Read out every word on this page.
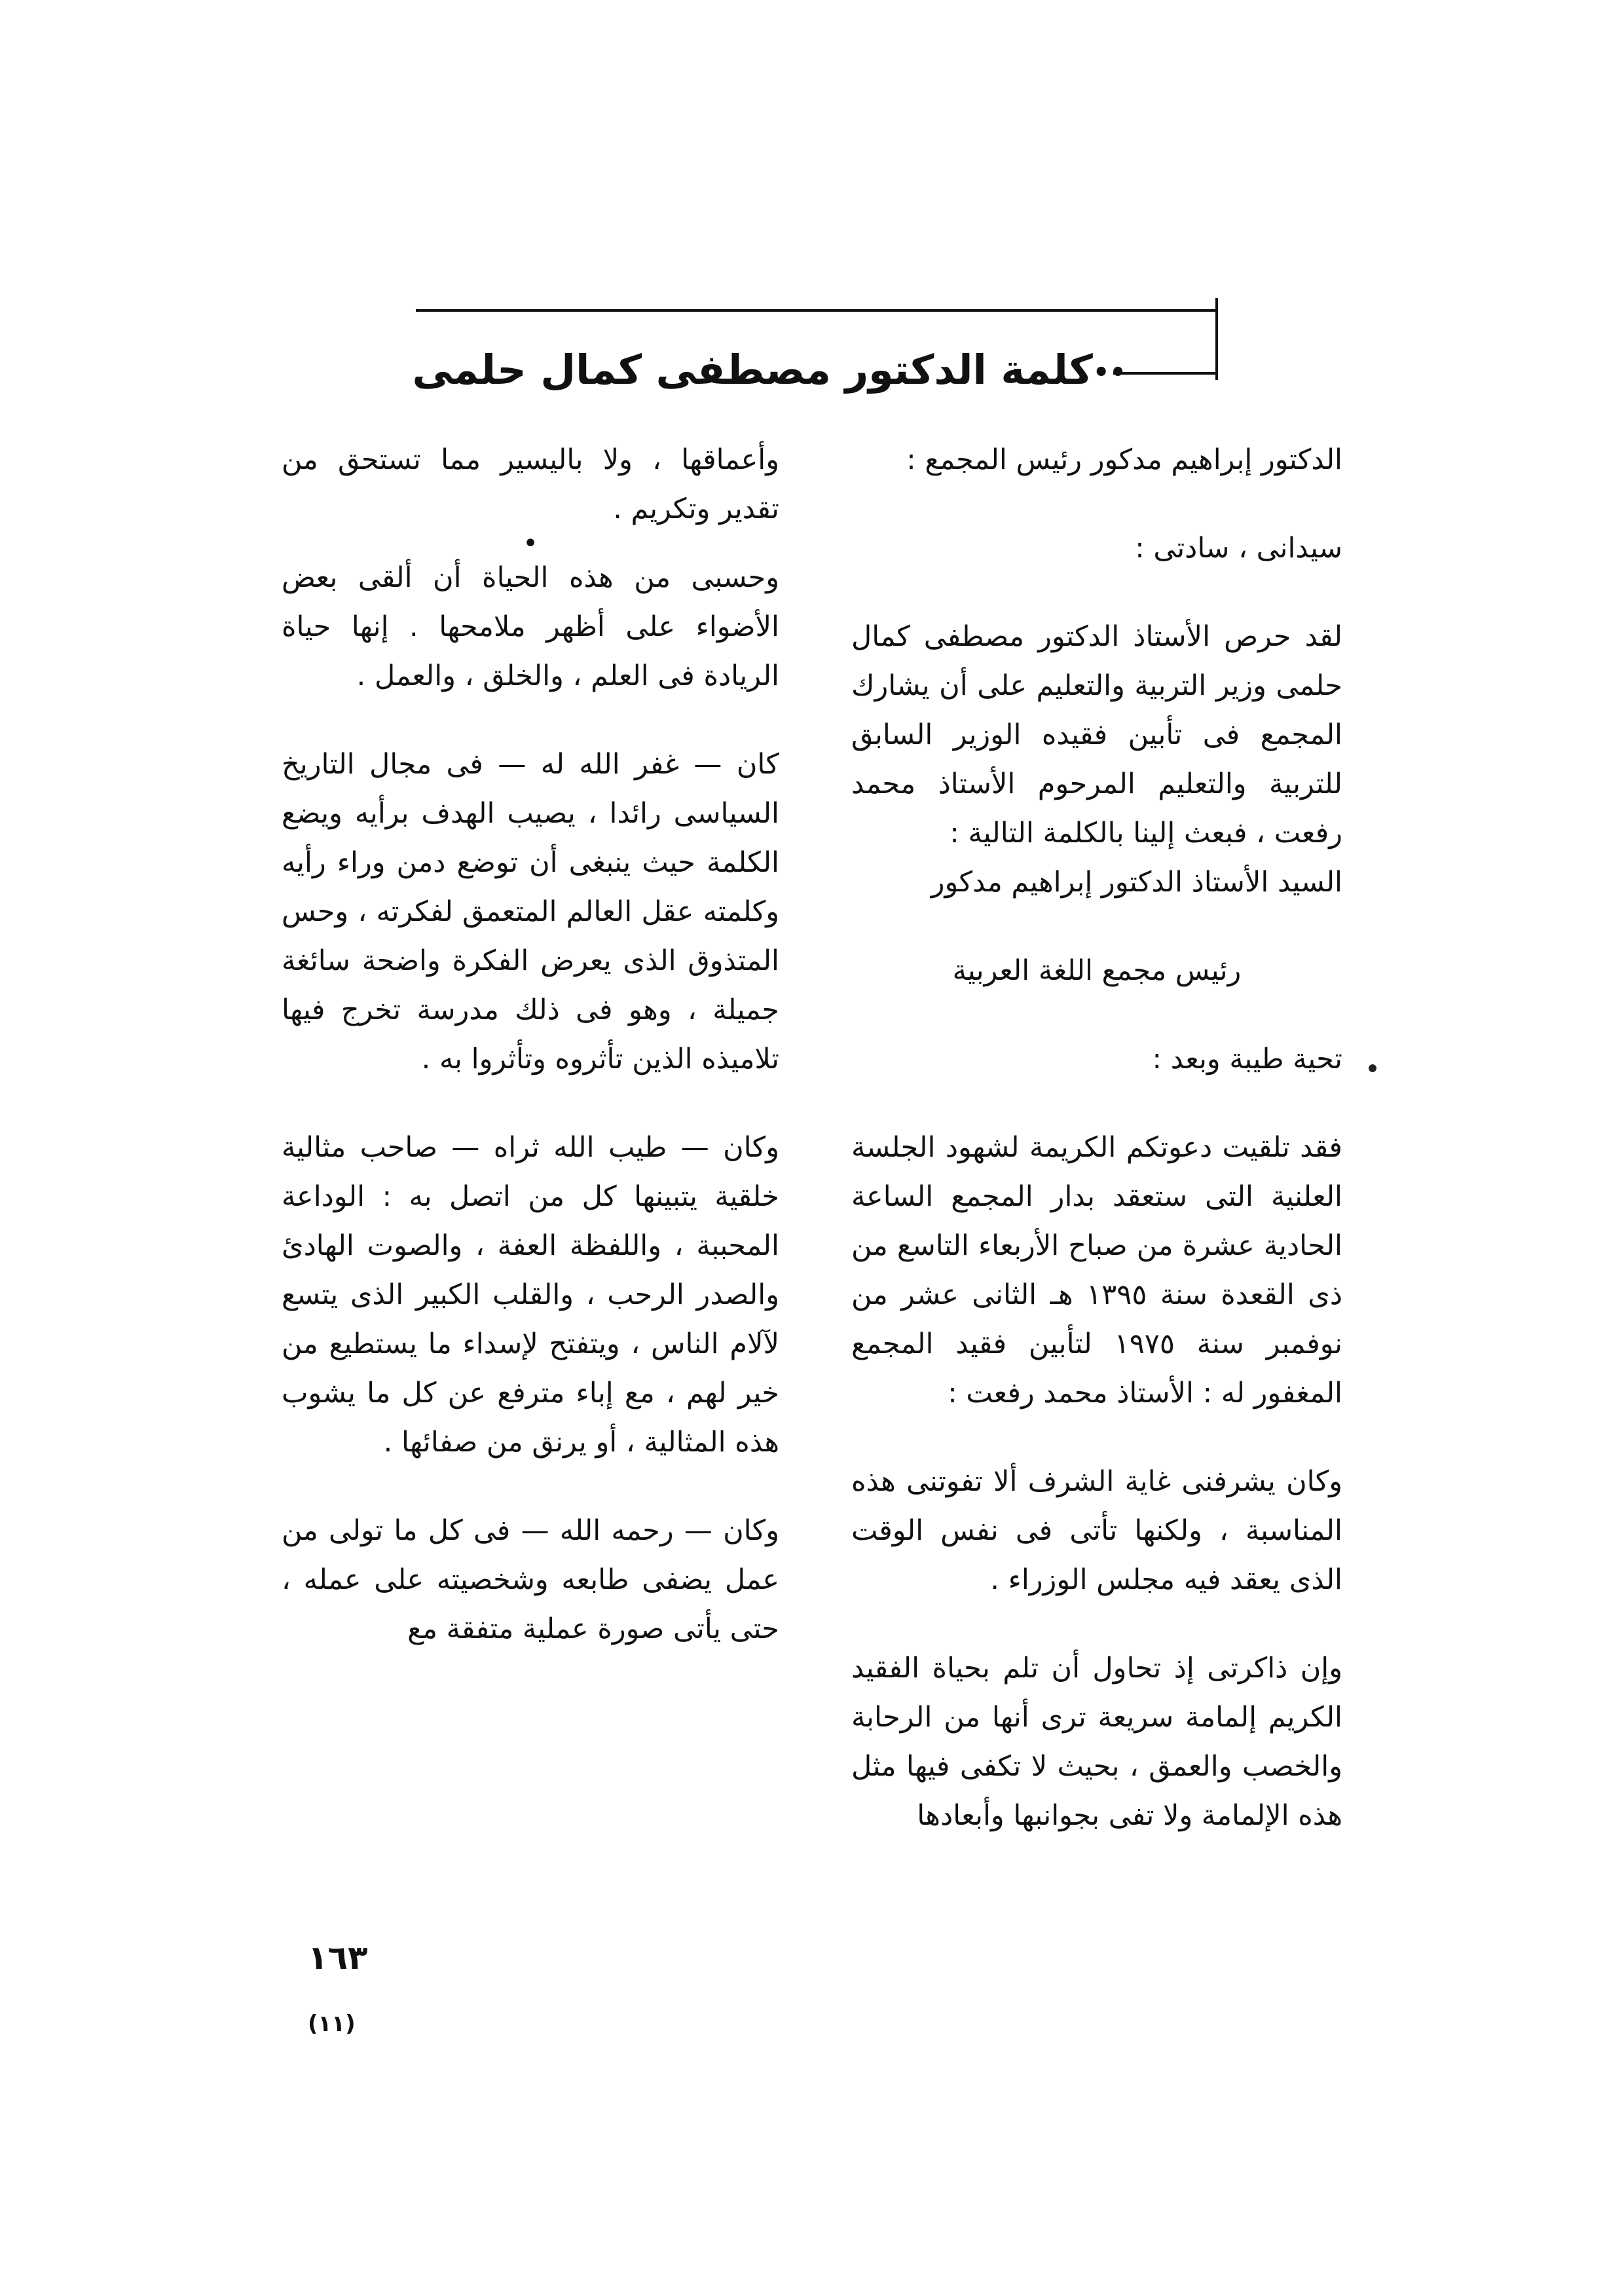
••كلمة الدكتور مصطفى كمال حلمى

الدكتور إبراهيم مدكور رئيس المجمع :

سيدانى ، سادتى :

لقد حرص الأستاذ الدكتور مصطفى كمال حلمى وزير التربية والتعليم على أن يشارك المجمع فى تأبين فقيده الوزير السابق للتربية والتعليم المرحوم الأستاذ محمد رفعت ، فبعث إلينا بالكلمة التالية :

السيد الأستاذ الدكتور إبراهيم مدكور

رئيس مجمع اللغة العربية

تحية طيبة وبعد :

فقد تلقيت دعوتكم الكريمة لشهود الجلسة العلنية التى ستعقد بدار المجمع الساعة الحادية عشرة من صباح الأربعاء التاسع من ذى القعدة سنة ١٣٩٥ هـ الثانى عشر من نوفمبر سنة ١٩٧٥ لتأبين فقيد المجمع المغفور له : الأستاذ محمد رفعت :

وكان يشرفنى غاية الشرف ألا تفوتنى هذه المناسبة ، ولكنها تأتى فى نفس الوقت الذى يعقد فيه مجلس الوزراء .

وإن ذاكرتى إذ تحاول أن تلم بحياة الفقيد الكريم إلمامة سريعة ترى أنها من الرحابة والخصب والعمق ، بحيث لا تكفى فيها مثل هذه الإلمامة ولا تفى بجوانبها وأبعادها

وأعماقها ، ولا باليسير مما تستحق من تقدير وتكريم .

•

وحسبى من هذه الحياة أن ألقى بعض الأضواء على أظهر ملامحها . إنها حياة الريادة فى العلم ، والخلق ، والعمل .

كان — غفر الله له — فى مجال التاريخ السياسى رائدا ، يصيب الهدف برأيه ويضع الكلمة حيث ينبغى أن توضع دمن وراء رأيه وكلمته عقل العالم المتعمق لفكرته ، وحس المتذوق الذى يعرض الفكرة واضحة سائغة جميلة ، وهو فى ذلك مدرسة تخرج فيها تلاميذه الذين تأثروه وتأثروا به .

وكان — طيب الله ثراه — صاحب مثالية خلقية يتبينها كل من اتصل به : الوداعة المحببة ، واللفظة العفة ، والصوت الهادئ والصدر الرحب ، والقلب الكبير الذى يتسع لآلام الناس ، ويتفتح لإسداء ما يستطيع من خير لهم ، مع إباء مترفع عن كل ما يشوب هذه المثالية ، أو يرنق من صفائها .

وكان — رحمه الله — فى كل ما تولى من عمل يضفى طابعه وشخصيته على عمله ، حتى يأتى صورة عملية متفقة مع

١٦٣
(١١)
